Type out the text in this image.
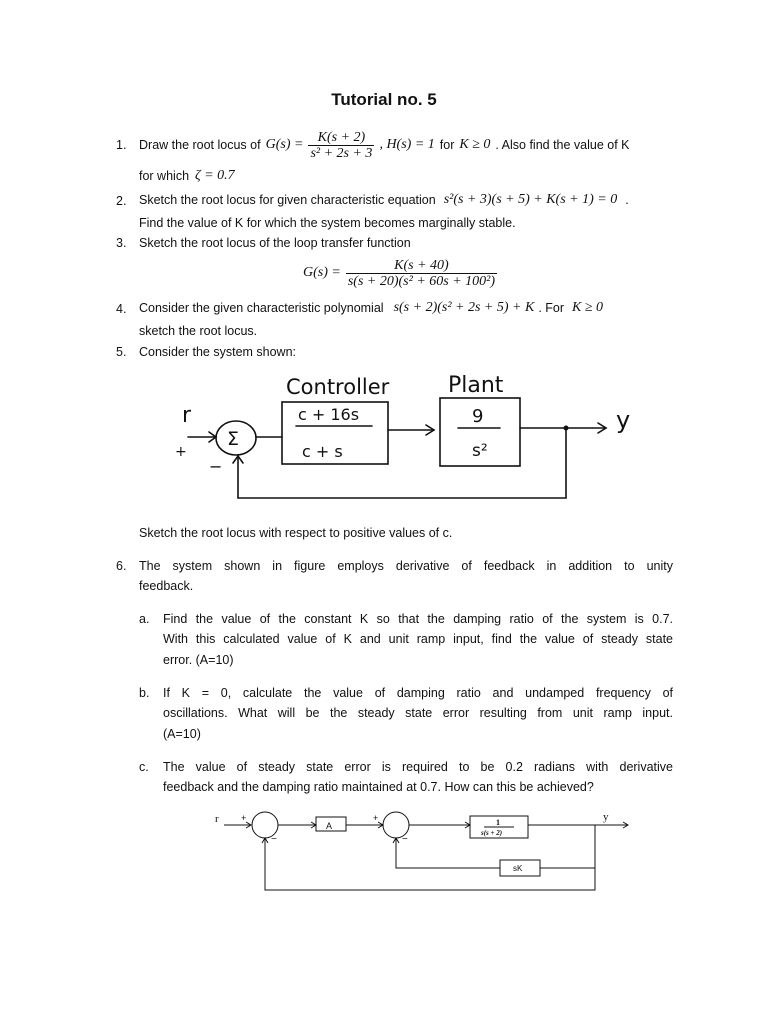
Tutorial no. 5
1. Draw the root locus of $G(s) = \frac{K(s + 2)}{\text{s² + 2s + 3}}$ , H(s) = 1 for K ≥ 0 . Also find the value of K
for which ζ = 0.7
2. Sketch the root locus for given characteristic equation s²(s + 3)(s + 5) + K(s + 1) = 0 .
Find the value of K for which the system becomes marginally stable.
3. Sketch the root locus of the loop transfer function
$G(s) = \frac{K(s + 40)}{\text{s(s + 20)(s² + 60s + 100²)}}$
4. Consider the given characteristic polynomial s(s + 2)(s² + 2s + 5) + K . For K ≥ 0
sketch the root locus.
5. Consider the system shown:
Controller	Plant
c + 16s
c + s
9
s²
r	y
Σ
+
−
Sketch the root locus with respect to positive values of c.
6. The system shown in figure employs derivative of feedback in addition to unity
feedback.
a. Find the value of the constant K so that the damping ratio of the system is 0.7.
With this calculated value of K and unit ramp input, find the value of steady state
error. (A=10)
b. If K = 0, calculate the value of damping ratio and undamped frequency of
oscillations. What will be the steady state error resulting from unit ramp input.
(A=10)
c. The value of steady state error is required to be 0.2 radians with derivative
feedback and the damping ratio maintained at 0.7. How can this be achieved?
r	y
A	1
s(s + 2)
sK
+
−
+
−
